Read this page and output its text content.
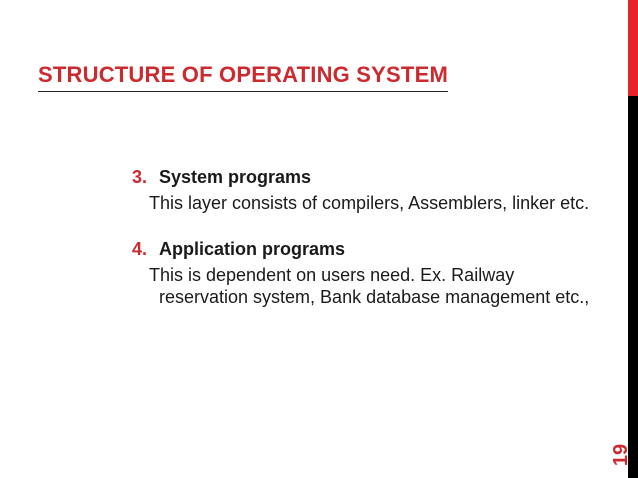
STRUCTURE OF OPERATING SYSTEM
3. System programs
This layer consists of compilers, Assemblers, linker etc.
4. Application programs
This is dependent on users need. Ex. Railway reservation system, Bank database management etc.,
19
